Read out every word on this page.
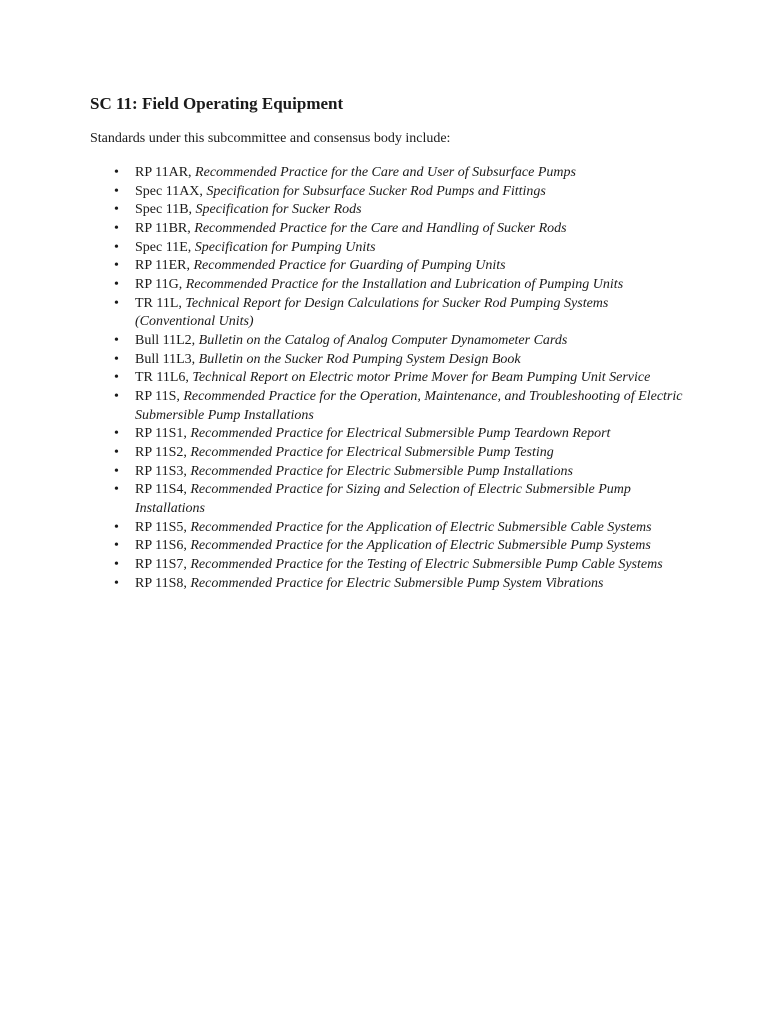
SC 11: Field Operating Equipment
Standards under this subcommittee and consensus body include:
• RP 11AR, Recommended Practice for the Care and User of Subsurface Pumps
• Spec 11AX, Specification for Subsurface Sucker Rod Pumps and Fittings
• Spec 11B, Specification for Sucker Rods
• RP 11BR, Recommended Practice for the Care and Handling of Sucker Rods
• Spec 11E, Specification for Pumping Units
• RP 11ER, Recommended Practice for Guarding of Pumping Units
• RP 11G, Recommended Practice for the Installation and Lubrication of Pumping Units
• TR 11L, Technical Report for Design Calculations for Sucker Rod Pumping Systems (Conventional Units)
• Bull 11L2, Bulletin on the Catalog of Analog Computer Dynamometer Cards
• Bull 11L3, Bulletin on the Sucker Rod Pumping System Design Book
• TR 11L6, Technical Report on Electric motor Prime Mover for Beam Pumping Unit Service
• RP 11S, Recommended Practice for the Operation, Maintenance, and Troubleshooting of Electric Submersible Pump Installations
• RP 11S1, Recommended Practice for Electrical Submersible Pump Teardown Report
• RP 11S2, Recommended Practice for Electrical Submersible Pump Testing
• RP 11S3, Recommended Practice for Electric Submersible Pump Installations
• RP 11S4, Recommended Practice for Sizing and Selection of Electric Submersible Pump Installations
• RP 11S5, Recommended Practice for the Application of Electric Submersible Cable Systems
• RP 11S6, Recommended Practice for the Application of Electric Submersible Pump Systems
• RP 11S7, Recommended Practice for the Testing of Electric Submersible Pump Cable Systems
• RP 11S8, Recommended Practice for Electric Submersible Pump System Vibrations
